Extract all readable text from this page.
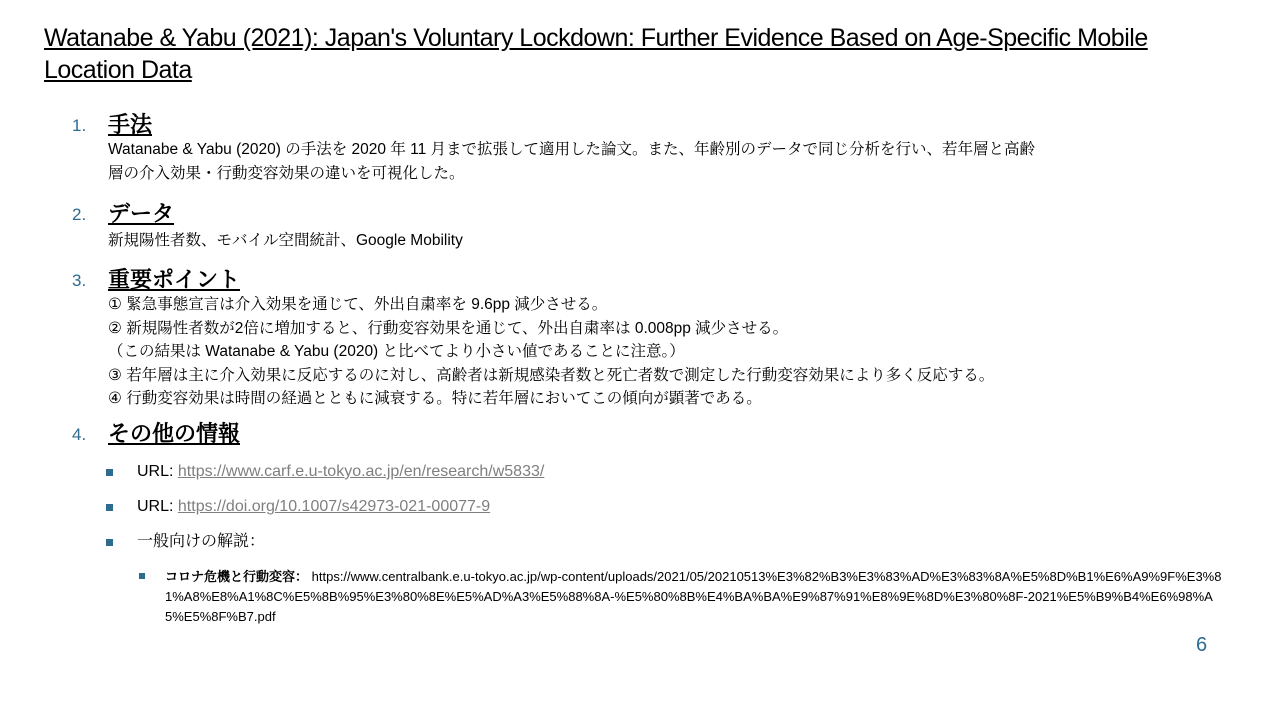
Watanabe & Yabu (2021): Japan's Voluntary Lockdown: Further Evidence Based on Age-Specific Mobile Location Data
1. 手法
Watanabe & Yabu (2020) の手法を 2020 年 11 月まで拡張して適用した論文。また、年齢別のデータで同じ分析を行い、若年層と高齢
層の介入効果・行動変容効果の違いを可視化した。
2. データ
新規陽性者数、モバイル空間統計、Google Mobility
3. 重要ポイント
① 緊急事態宣言は介入効果を通じて、外出自粛率を 9.6pp 減少させる。
② 新規陽性者数が2倍に増加すると、行動変容効果を通じて、外出自粛率は 0.008pp 減少させる。
（この結果は Watanabe & Yabu (2020) と比べてより小さい値であることに注意。）
③ 若年層は主に介入効果に反応するのに対し、高齢者は新規感染者数と死亡者数で測定した行動変容効果により多く反応する。
④ 行動変容効果は時間の経過とともに減衰する。特に若年層においてこの傾向が顕著である。
4. その他の情報
URL: https://www.carf.e.u-tokyo.ac.jp/en/research/w5833/
URL: https://doi.org/10.1007/s42973-021-00077-9
一般向けの解説：
コロナ危機と行動変容： https://www.centralbank.e.u-tokyo.ac.jp/wp-content/uploads/2021/05/20210513%E3%82%B3%E3%83%AD%E3%83%8A%E5%8D%B1%E6%A9%9F%E3%81%A8%E8%A1%8C%E5%8B%95%E3%80%8E%E5%AD%A3%E5%88%8A-%E5%80%8B%E4%BA%BA%E9%87%91%E8%9E%8D%E3%80%8F-2021%E5%B9%B4%E6%98%A5%E5%8F%B7.pdf
6
